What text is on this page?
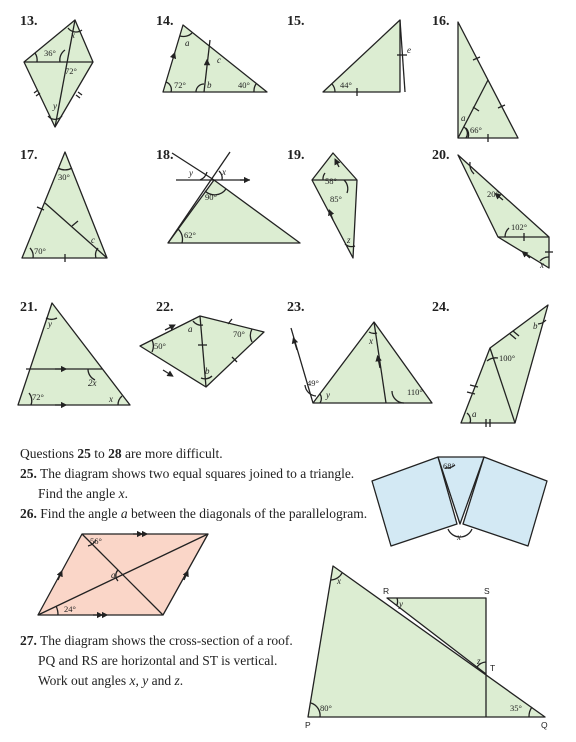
13.	14.	15.	16.
17.	18.	19.	20.
21.	22.	23.	24.
Questions 25 to 28 are more difficult.
25. The diagram shows two equal squares joined to a triangle.
Find the angle x.
26. Find the angle a between the diagonals of the parallelogram.
27. The diagram shows the cross-section of a roof.
PQ and RS are horizontal and ST is vertical.
Work out angles x, y and z.
36°
72°
x
y
a
b
c
72°	40°	44°
e
a
66°
30°
70°
c
90°
62°
x
y
58°
85°
z
20°
102°
x
72°	x
y
2x
50°
70°
a
b
49°
110°
x
y
100°
b
a
68°
x
56°
24°
a
x
y
z
80°	35°
P	Q
R	S
T
